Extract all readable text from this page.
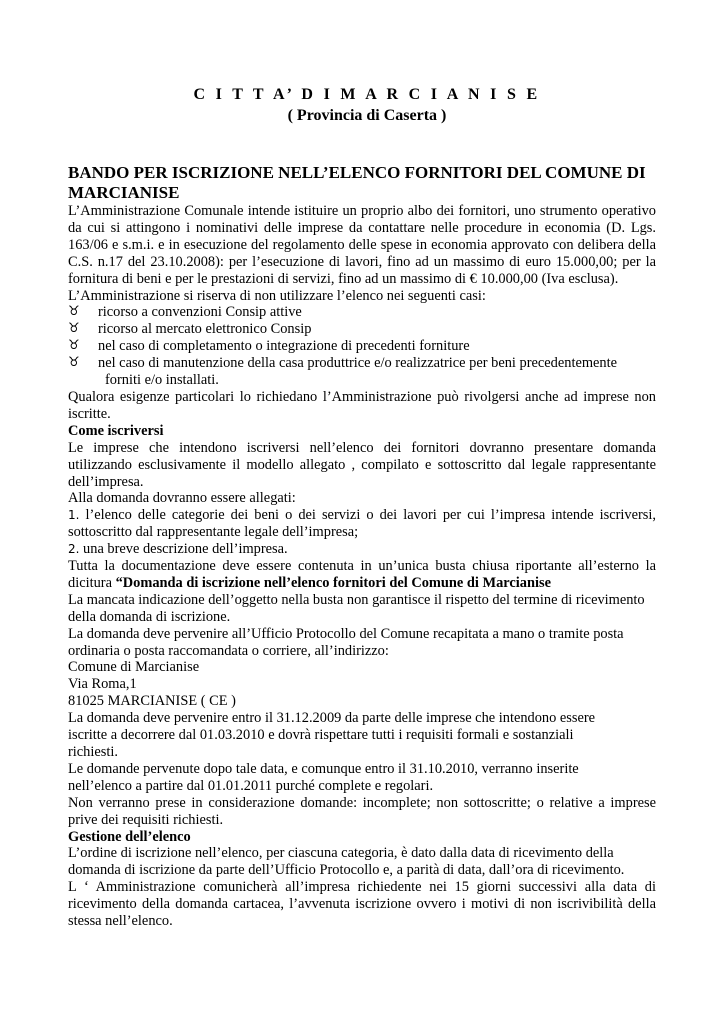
C I T T A’ D I M A R C I A N I S E
( Provincia di Caserta )
BANDO PER ISCRIZIONE NELL’ELENCO FORNITORI DEL COMUNE DI MARCIANISE

L’Amministrazione Comunale intende istituire un proprio albo dei fornitori, uno strumento operativo da cui si attingono i nominativi delle imprese da contattare nelle procedure in economia (D. Lgs. 163/06 e s.m.i. e in esecuzione del regolamento delle spese in economia approvato con delibera della C.S. n.17 del 23.10.2008): per l’esecuzione di lavori, fino ad un massimo di euro 15.000,00; per la fornitura di beni e per le prestazioni di servizi, fino ad un massimo di € 10.000,00 (Iva esclusa).

L’Amministrazione si riserva di non utilizzare l’elenco nei seguenti casi:

♉ ricorso a convenzioni Consip attive
♉ ricorso al mercato elettronico Consip
♉ nel caso di completamento o integrazione di precedenti forniture
♉ nel caso di manutenzione della casa produttrice e/o realizzatrice per beni precedentemente
forniti e/o installati.

Qualora esigenze particolari lo richiedano l’Amministrazione può rivolgersi anche ad imprese non iscritte.

Come iscriversi

Le imprese che intendono iscriversi nell’elenco dei fornitori dovranno presentare domanda utilizzando esclusivamente il modello allegato , compilato e sottoscritto dal legale rappresentante dell’impresa.

Alla domanda dovranno essere allegati:

1. l’elenco delle categorie dei beni o dei servizi o dei lavori per cui l’impresa intende iscriversi, sottoscritto dal rappresentante legale dell’impresa;

2. una breve descrizione dell’impresa.

Tutta la documentazione deve essere contenuta in un’unica busta chiusa riportante all’esterno la dicitura “Domanda di iscrizione nell’elenco fornitori del Comune di Marcianise

La mancata indicazione dell’oggetto nella busta non garantisce il rispetto del termine di ricevimento della domanda di iscrizione.

La domanda deve pervenire all’Ufficio Protocollo del Comune recapitata a mano o tramite posta
ordinaria o posta raccomandata o corriere, all’indirizzo:
Comune di Marcianise
Via Roma,1
81025 MARCIANISE ( CE )
La domanda deve pervenire entro il 31.12.2009 da parte delle imprese che intendono essere
iscritte a decorrere dal 01.03.2010 e dovrà rispettare tutti i requisiti formali e sostanziali
richiesti.
Le domande pervenute dopo tale data, e comunque entro il 31.10.2010, verranno inserite
nell’elenco a partire dal 01.01.2011 purché complete e regolari.

Non verranno prese in considerazione domande: incomplete; non sottoscritte; o relative a imprese prive dei requisiti richiesti.

Gestione dell’elenco
L’ordine di iscrizione nell’elenco, per ciascuna categoria, è dato dalla data di ricevimento della
domanda di iscrizione da parte dell’Ufficio Protocollo e, a parità di data, dall’ora di ricevimento.

L ‘ Amministrazione comunicherà all’impresa richiedente nei 15 giorni successivi alla data di ricevimento della domanda cartacea, l’avvenuta iscrizione ovvero i motivi di non iscrivibilità della stessa nell’elenco.
